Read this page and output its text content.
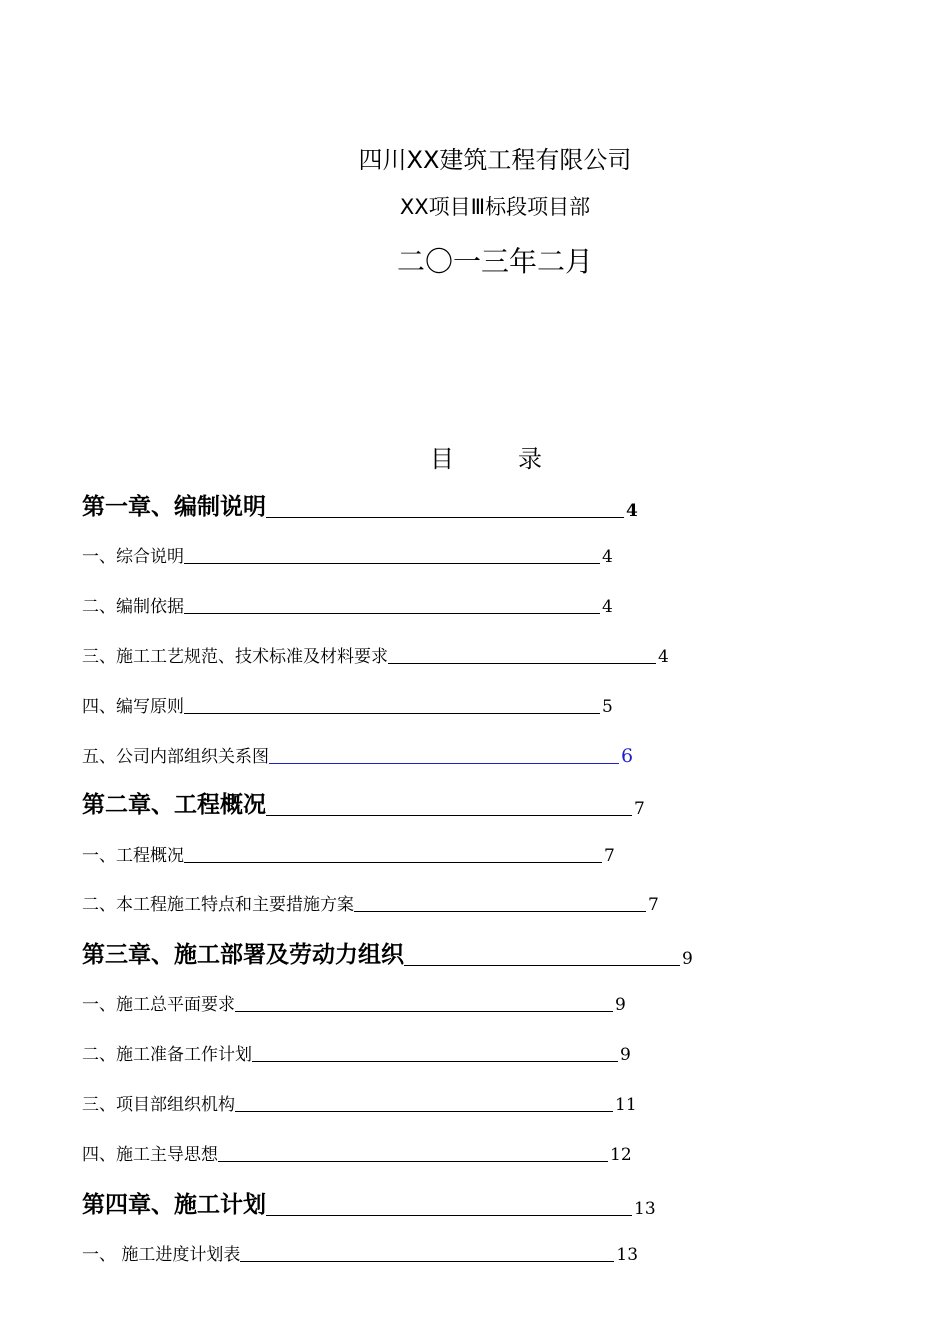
四川XX建筑工程有限公司
XX项目Ⅲ标段项目部
二〇一三年二月
目　录
第一章、编制说明	4
一、综合说明	4
二、编制依据	4
三、施工工艺规范、技术标准及材料要求	4
四、编写原则	5
五、公司内部组织关系图	6
第二章、工程概况	7
一、工程概况	7
二、本工程施工特点和主要措施方案	7
第三章、施工部署及劳动力组织	9
一、施工总平面要求	9
二、施工准备工作计划	9
三、项目部组织机构	11
四、施工主导思想	12
第四章、施工计划	13
一、 施工进度计划表	13
